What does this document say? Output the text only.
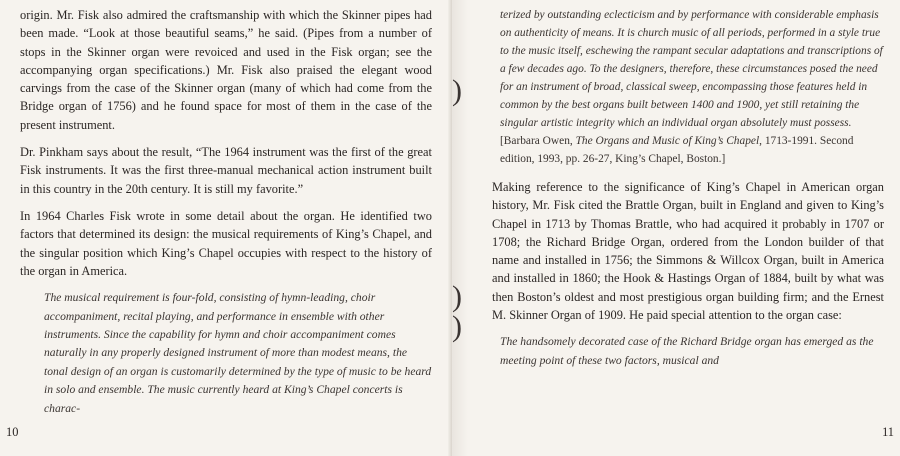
origin. Mr. Fisk also admired the craftsmanship with which the Skinner pipes had been made. “Look at those beautiful seams,” he said. (Pipes from a number of stops in the Skinner organ were revoiced and used in the Fisk organ; see the accompanying organ specifications.) Mr. Fisk also praised the elegant wood carvings from the case of the Skinner organ (many of which had come from the Bridge organ of 1756) and he found space for most of them in the case of the present instrument.

Dr. Pinkham says about the result, “The 1964 instrument was the first of the great Fisk instruments. It was the first three-manual mechanical action instrument built in this country in the 20th century. It is still my favorite.”

In 1964 Charles Fisk wrote in some detail about the organ. He identified two factors that determined its design: the musical requirements of King’s Chapel, and the singular position which King’s Chapel occupies with respect to the history of the organ in America.

The musical requirement is four-fold, consisting of hymn-leading, choir accompaniment, recital playing, and performance in ensemble with other instruments. Since the capability for hymn and choir accompaniment comes naturally in any properly designed instrument of more than modest means, the tonal design of an organ is customarily determined by the type of music to be heard in solo and ensemble. The music currently heard at King’s Chapel concerts is charac-

10

terized by outstanding eclecticism and by performance with considerable emphasis on authenticity of means. It is church music of all periods, performed in a style true to the music itself, eschewing the rampant secular adaptations and transcriptions of a few decades ago. To the designers, therefore, these circumstances posed the need for an instrument of broad, classical sweep, encompassing those features held in common by the best organs built between 1400 and 1900, yet still retaining the singular artistic integrity which an individual organ absolutely must possess. [Barbara Owen, The Organs and Music of King’s Chapel, 1713-1991. Second edition, 1993, pp. 26-27, King’s Chapel, Boston.]

Making reference to the significance of King’s Chapel in American organ history, Mr. Fisk cited the Brattle Organ, built in England and given to King’s Chapel in 1713 by Thomas Brattle, who had acquired it probably in 1707 or 1708; the Richard Bridge Organ, ordered from the London builder of that name and installed in 1756; the Simmons & Willcox Organ, built in America and installed in 1860; the Hook & Hastings Organ of 1884, built by what was then Boston’s oldest and most prestigious organ building firm; and the Ernest M. Skinner Organ of 1909. He paid special attention to the organ case:

The handsomely decorated case of the Richard Bridge organ has emerged as the meeting point of these two factors, musical and

11
)
)
)
